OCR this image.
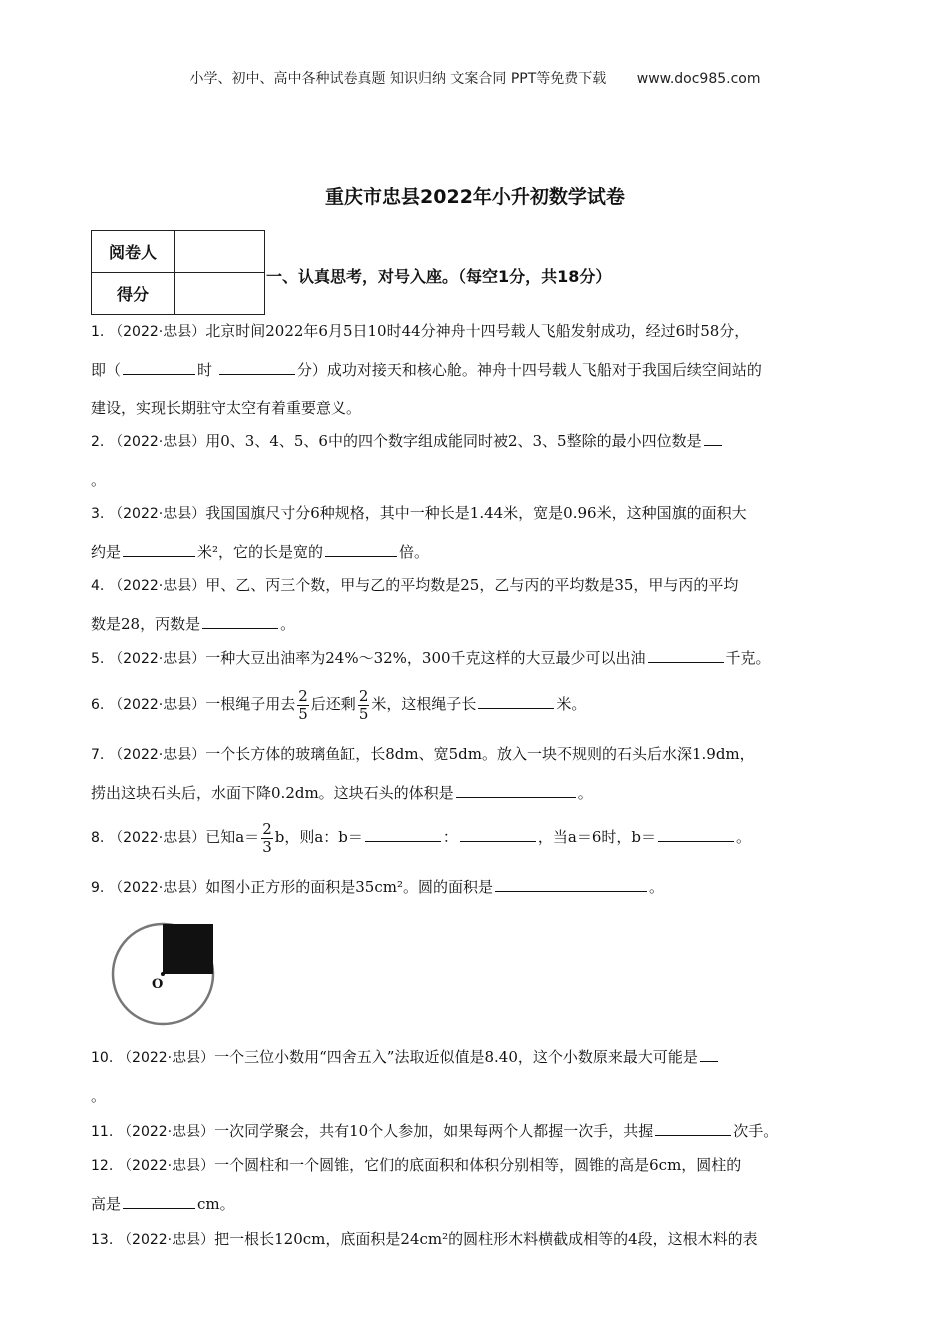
小学、初中、高中各种试卷真题 知识归纳 文案合同 PPT等免费下载 www.doc985.com
重庆市忠县2022年小升初数学试卷
阅卷人	
得分	
一、认真思考，对号入座。（每空1分，共18分）
1. （2022·忠县）北京时间2022年6月5日10时44分神舟十四号载人飞船发射成功，经过6时58分，
即（	时	分）成功对接天和核心舱。神舟十四号载人飞船对于我国后续空间站的
建设，实现长期驻守太空有着重要意义。
2. （2022·忠县）用0、3、4、5、6中的四个数字组成能同时被2、3、5整除的最小四位数是
。
3. （2022·忠县）我国国旗尺寸分6种规格，其中一种长是1.44米，宽是0.96米，这种国旗的面积大
约是	米²，它的长是宽的	倍。
4. （2022·忠县）甲、乙、丙三个数，甲与乙的平均数是25，乙与丙的平均数是35，甲与丙的平均
数是28，丙数是	。
5. （2022·忠县）一种大豆出油率为24%～32%，300千克这样的大豆最少可以出油	千克。
6. （2022·忠县）一根绳子用去 $\frac{2}{5}$ 后还剩 $\frac{2}{5}$ 米，这根绳子长	米。
7. （2022·忠县）一个长方体的玻璃鱼缸，长8dm、宽5dm。放入一块不规则的石头后水深1.9dm，
捞出这块石头后，水面下降0.2dm。这块石头的体积是	。
8. （2022·忠县）已知$a= \frac{2}{3}$ b，则a：b＝	：	，当a＝6时，b＝	。
9. （2022·忠县）如图小正方形的面积是35cm²。圆的面积是	。
O
10. （2022·忠县）一个三位小数用“四舍五入”法取近似值是8.40，这个小数原来最大可能是
。
11. （2022·忠县）一次同学聚会，共有10个人参加，如果每两个人都握一次手，共握	次手。
12. （2022·忠县）一个圆柱和一个圆锥，它们的底面积和体积分别相等，圆锥的高是6cm，圆柱的
高是	cm。
13. （2022·忠县）把一根长120cm，底面积是24cm²的圆柱形木料横截成相等的4段，这根木料的表
